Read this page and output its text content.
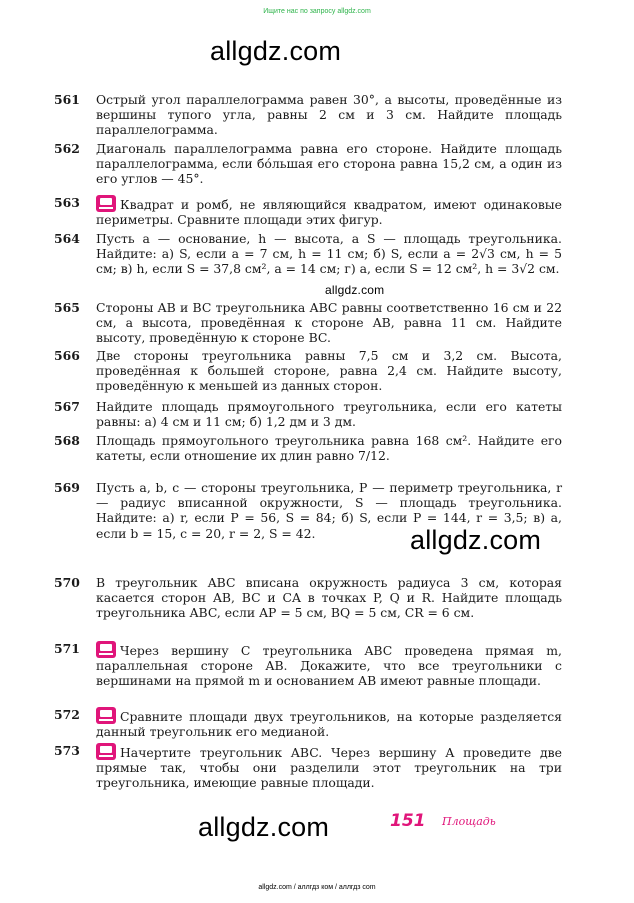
Ищите нас по запросу allgdz.com
allgdz.com
561	Острый угол параллелограмма равен 30°, а высоты, проведённые из вершины тупого угла, равны 2 см и 3 см. Найдите площадь параллелограмма.
562	Диагональ параллелограмма равна его стороне. Найдите площадь параллелограмма, если бо́льшая его сторона равна 15,2 см, а один из его углов — 45°.
563	Квадрат и ромб, не являющийся квадратом, имеют одинаковые периметры. Сравните площади этих фигур.
564	Пусть a — основание, h — высота, а S — площадь треугольника. Найдите: а) S, если a = 7 см, h = 11 см; б) S, если a = 2√3 см, h = 5 см; в) h, если S = 37,8 см², a = 14 см; г) a, если S = 12 см², h = 3√2 см.
565	Стороны AB и BC треугольника ABC равны соответственно 16 см и 22 см, а высота, проведённая к стороне AB, равна 11 см. Найдите высоту, проведённую к стороне BC.
566	Две стороны треугольника равны 7,5 см и 3,2 см. Высота, проведённая к большей стороне, равна 2,4 см. Найдите высоту, проведённую к меньшей из данных сторон.
567	Найдите площадь прямоугольного треугольника, если его катеты равны: а) 4 см и 11 см; б) 1,2 дм и 3 дм.
568	Площадь прямоугольного треугольника равна 168 см². Найдите его катеты, если отношение их длин равно 7/12.
569	Пусть a, b, c — стороны треугольника, P — периметр треугольника, r — радиус вписанной окружности, S — площадь треугольника. Найдите: а) r, если P = 56, S = 84; б) S, если P = 144, r = 3,5; в) a, если b = 15, c = 20, r = 2, S = 42.
570	В треугольник ABC вписана окружность радиуса 3 см, которая касается сторон AB, BC и CA в точках P, Q и R. Найдите площадь треугольника ABC, если AP = 5 см, BQ = 5 см, CR = 6 см.
571	Через вершину C треугольника ABC проведена прямая m, параллельная стороне AB. Докажите, что все треугольники с вершинами на прямой m и основанием AB имеют равные площади.
572	Сравните площади двух треугольников, на которые разделяется данный треугольник его медианой.
573	Начертите треугольник ABC. Через вершину A проведите две прямые так, чтобы они разделили этот треугольник на три треугольника, имеющие равные площади.
allgdz.com
allgdz.com
allgdz.com	151 Площадь
allgdz.com / аллгдз ком / аллгдз com
